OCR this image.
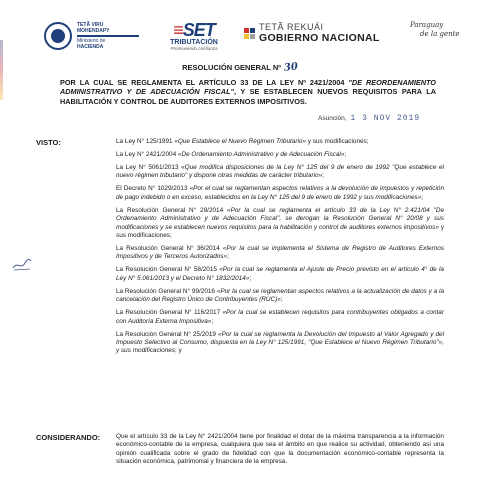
TETÃ VIRU
MOHENDAPY
Ministerio de
HACIENDA
≡SET
TRIBUTACIÓN
Promoviendo confianza
TETÃ REKUÁI
GOBIERNO NACIONAL
Paraguay
de la gente
RESOLUCIÓN GENERAL Nº 30
POR LA CUAL SE REGLAMENTA EL ARTÍCULO 33 DE LA LEY Nº 2421/2004 "DE REORDENAMIENTO ADMINISTRATIVO Y DE ADECUACIÓN FISCAL", Y SE ESTABLECEN NUEVOS REQUISITOS PARA LA HABILITACIÓN Y CONTROL DE AUDITORES EXTERNOS IMPOSITIVOS.
Asunción, 1 3 NOV 2019
VISTO:	La Ley N° 125/1991 «Que Establece el Nuevo Régimen Tributario» y sus modificaciones;
La Ley N° 2421/2004 «De Ordenamiento Administrativo y de Adecuación Fiscal»;
La Ley N° 5061/2013 «Que modifica disposiciones de la Ley N° 125 del 9 de enero de 1992 "Que establece el nuevo régimen tributario" y dispone otras medidas de carácter tributario»;
El Decreto N° 1029/2013 «Por el cual se reglamentan aspectos relativos a la devolución de impuestos y repetición de pago indebido o en exceso, establecidos en la Ley N° 125 del 9 de enero de 1992 y sus modificaciones»;
La Resolución General N° 29/2014 «Por la cual se reglamenta el artículo 33 de la Ley N° 2.421/04 "De Ordenamiento Administrativo y de Adecuación Fiscal", se derogan la Resolución General N° 20/08 y sus modificaciones y se establecen nuevos requisitos para la habilitación y control de auditores externos impositivos» y sus modificaciones;
La Resolución General N° 36/2014 «Por la cual se implementa el Sistema de Registro de Auditores Externos Impositivos y de Terceros Autorizados»;
La Resolución General N° 58/2015 «Por la cual se reglamenta el Ajuste de Precio previsto en el artículo 4° de la Ley N° 5.061/2013 y el Decreto N° 1832/2014»;
La Resolución General N° 99/2016 «Por la cual se reglamentan aspectos relativos a la actualización de datos y a la cancelación del Registro Único de Contribuyentes (RUC)»;
La Resolución General N° 116/2017 «Por la cual se establecen requisitos para contribuyentes obligados a contar con Auditoría Externa Impositiva»;
La Resolución General N° 25/2019 «Por la cual se reglamenta la Devolución del Impuesto al Valor Agregado y del Impuesto Selectivo al Consumo, dispuesta en la Ley N° 125/1991, "Que Establece el Nuevo Régimen Tributario"», y sus modificaciones; y
CONSIDERANDO: Que el artículo 33 de la Ley N° 2421/2004 tiene por finalidad el dotar de la máxima transparencia a la información económico-contable de la empresa, cualquiera que sea el ámbito en que realice su actividad, obteniendo así una opinión cualificada sobre el grado de fidelidad con que la documentación económico-contable representa la situación económica, patrimonial y financiera de la empresa.
